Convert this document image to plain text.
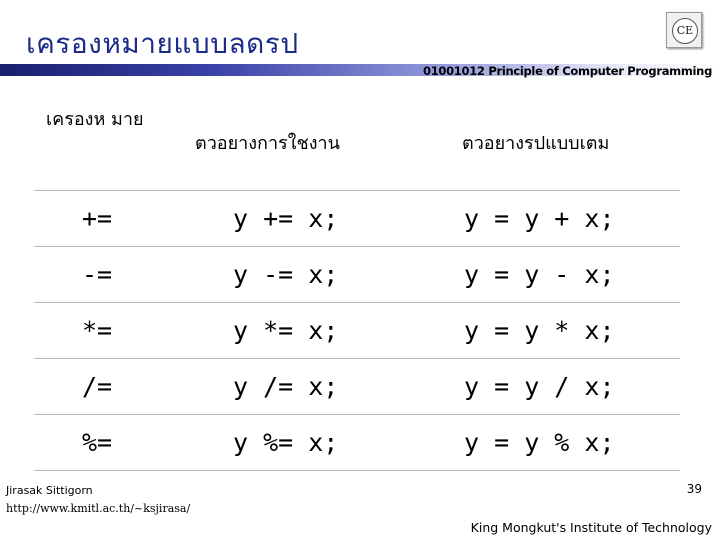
เครองหมายแบบลดรป	CE
01001012 Principle of Computer Programming
เครองห มาย	ตวอยางการใชงาน	ตวอยางรปแบบเตม
+=	y += x;	y = y + x;
-=	y -= x;	y = y - x;
*=	y *= x;	y = y * x;
/=	y /= x;	y = y / x;
%=	y %= x;	y = y % x;
Jirasak Sittigorn
http://www.kmitl.ac.th/~ksjirasa/
39
King Mongkut's Institute of Technology
